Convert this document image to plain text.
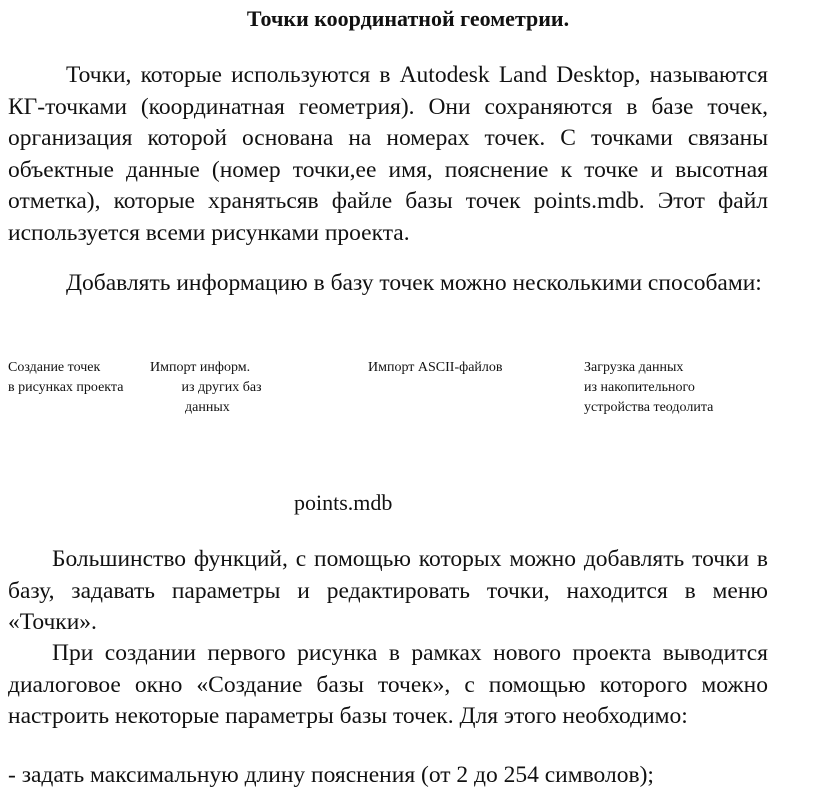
Точки координатной геометрии.
Точки, которые используются в Autodesk Land Desktop, называются КГ-точками (координатная геометрия). Они сохраняются в базе точек, организация которой основана на номерах точек. С точками связаны объектные данные (номер точки,ее имя, пояснение к точке и высотная отметка), которые хранятьсяв файле базы точек points.mdb. Этот файл используется всеми рисунками проекта.
Добавлять информацию в базу точек можно несколькими способами:
Создание точек
в рисунках проекта
Импорт информ.
из других баз
данных
Импорт ASCII-файлов	Загрузка данных
из накопительного
устройства теодолита
points.mdb
Большинство функций, с помощью которых можно добавлять точки в базу, задавать параметры и редактировать точки, находится в меню «Точки».
При создании первого рисунка в рамках нового проекта выводится диалоговое окно «Создание базы точек», с помощью которого можно настроить некоторые параметры базы точек. Для этого необходимо:
- задать максимальную длину пояснения (от 2 до 254 символов);
